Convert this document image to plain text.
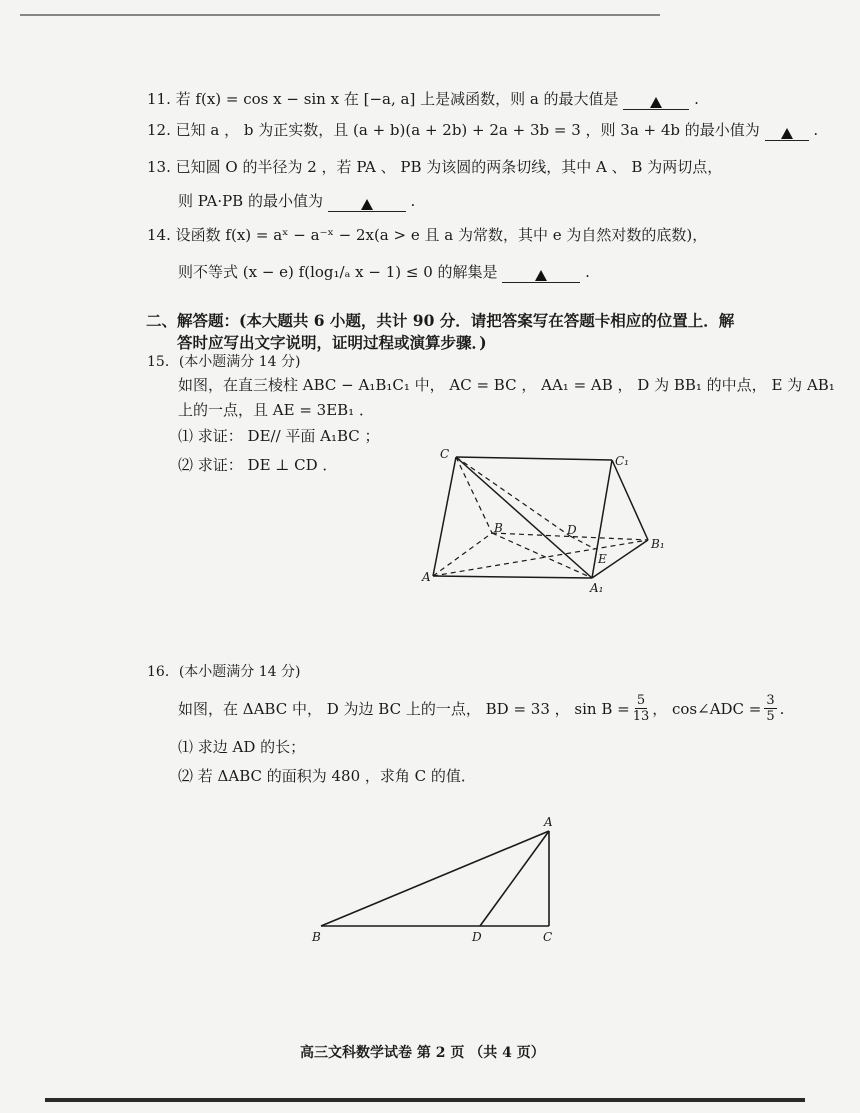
11. 若 f(x) = cos x − sin x 在 [−a, a] 上是减函数，则 a 的最大值是	.
12. 已知 a ， b 为正实数，且 (a + b)(a + 2b) + 2a + 3b = 3 ，则 3a + 4b 的最小值为	.
13. 已知圆 O 的半径为 2 ，若 PA 、 PB 为该圆的两条切线，其中 A 、 B 为两切点，
则 PA·PB 的最小值为	.
14. 设函数 f(x) = aˣ − a⁻ˣ − 2x(a > e 且 a 为常数，其中 e 为自然对数的底数)，
则不等式 (x − e) f(log₁/ₐ x − 1) ≤ 0 的解集是	.
二、解答题：(本大题共 6 小题，共计 90 分．请把答案写在答题卡相应的位置上．解
答时应写出文字说明，证明过程或演算步骤．)
15．(本小题满分 14 分)
如图，在直三棱柱 ABC − A₁B₁C₁ 中， AC = BC ， AA₁ = AB ， D 为 BB₁ 的中点， E 为 AB₁
上的一点，且 AE = 3EB₁ ．
⑴ 求证： DE// 平面 A₁BC ；
⑵ 求证： DE ⊥ CD ．
C	C₁
B	D
B₁
E
A
A₁
A
B	D	C
16．(本小题满分 14 分)
如图，在 ΔABC 中， D 为边 BC 上的一点， BD = 33 ， $\sin B = \frac{5}{13}$ ， cos∠ADC = $\frac{3}{5}$ .
⑴ 求边 AD 的长；
⑵ 若 ΔABC 的面积为 480 ，求角 C 的值．
高三文科数学试卷 第 2 页 （共 4 页）
